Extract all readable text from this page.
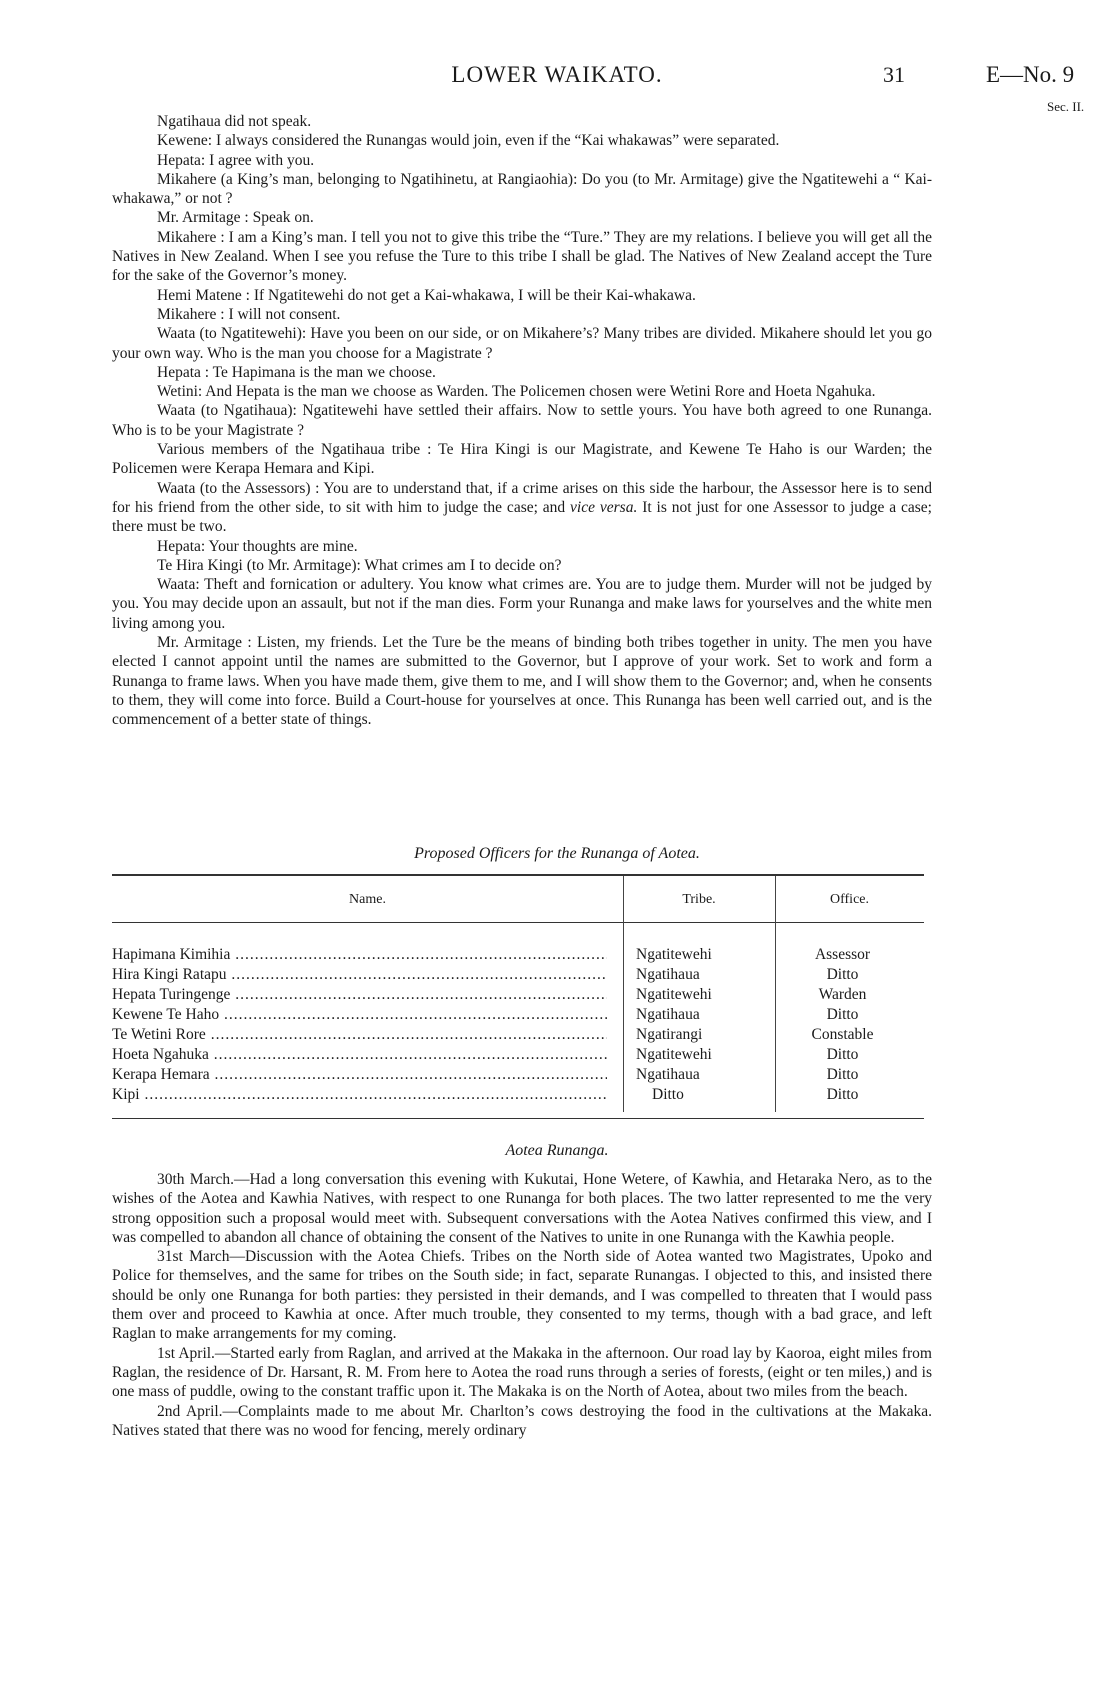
LOWER WAIKATO.	31	E—No. 9
Sec. II.

Ngatihaua did not speak.

Kewene: I always considered the Runangas would join, even if the “Kai whakawas” were separated.

Hepata: I agree with you.

Mikahere (a King’s man, belonging to Ngatihinetu, at Rangiaohia): Do you (to Mr. Armitage) give the Ngatitewehi a “ Kai-whakawa,” or not ?

Mr. Armitage : Speak on.

Mikahere : I am a King’s man. I tell you not to give this tribe the “Ture.” They are my relations. I believe you will get all the Natives in New Zealand. When I see you refuse the Ture to this tribe I shall be glad. The Natives of New Zealand accept the Ture for the sake of the Governor’s money.

Hemi Matene : If Ngatitewehi do not get a Kai-whakawa, I will be their Kai-whakawa.

Mikahere : I will not consent.

Waata (to Ngatitewehi): Have you been on our side, or on Mikahere’s? Many tribes are divided. Mikahere should let you go your own way. Who is the man you choose for a Magistrate ?

Hepata : Te Hapimana is the man we choose.

Wetini: And Hepata is the man we choose as Warden. The Policemen chosen were Wetini Rore and Hoeta Ngahuka.

Waata (to Ngatihaua): Ngatitewehi have settled their affairs. Now to settle yours. You have both agreed to one Runanga. Who is to be your Magistrate ?

Various members of the Ngatihaua tribe : Te Hira Kingi is our Magistrate, and Kewene Te Haho is our Warden; the Policemen were Kerapa Hemara and Kipi.

Waata (to the Assessors) : You are to understand that, if a crime arises on this side the harbour, the Assessor here is to send for his friend from the other side, to sit with him to judge the case; and vice versa. It is not just for one Assessor to judge a case; there must be two.

Hepata: Your thoughts are mine.

Te Hira Kingi (to Mr. Armitage): What crimes am I to decide on?

Waata: Theft and fornication or adultery. You know what crimes are. You are to judge them. Murder will not be judged by you. You may decide upon an assault, but not if the man dies. Form your Runanga and make laws for yourselves and the white men living among you.

Mr. Armitage : Listen, my friends. Let the Ture be the means of binding both tribes together in unity. The men you have elected I cannot appoint until the names are submitted to the Governor, but I approve of your work. Set to work and form a Runanga to frame laws. When you have made them, give them to me, and I will show them to the Governor; and, when he consents to them, they will come into force. Build a Court-house for yourselves at once. This Runanga has been well carried out, and is the commencement of a better state of things.

Proposed Officers for the Runanga of Aotea.
Name.	Tribe.	Office.
Hapimana Kimihia .....	Ngatitewehi	Assessor
Hira Kingi Ratapu .....	Ngatihaua	Ditto
Hepata Turingenge .....	Ngatitewehi	Warden
Kewene Te Haho .....	Ngatihaua	Ditto
Te Wetini Rore .....	Ngatirangi	Constable
Hoeta Ngahuka .....	Ngatitewehi	Ditto
Kerapa Hemara .....	Ngatihaua	Ditto
Kipi .....	Ditto	Ditto
Aotea Runanga.

30th March.—Had a long conversation this evening with Kukutai, Hone Wetere, of Kawhia, and Hetaraka Nero, as to the wishes of the Aotea and Kawhia Natives, with respect to one Runanga for both places. The two latter represented to me the very strong opposition such a proposal would meet with. Subsequent conversations with the Aotea Natives confirmed this view, and I was compelled to abandon all chance of obtaining the consent of the Natives to unite in one Runanga with the Kawhia people.

31st March—Discussion with the Aotea Chiefs. Tribes on the North side of Aotea wanted two Magistrates, Upoko and Police for themselves, and the same for tribes on the South side; in fact, separate Runangas. I objected to this, and insisted there should be only one Runanga for both parties: they persisted in their demands, and I was compelled to threaten that I would pass them over and proceed to Kawhia at once. After much trouble, they consented to my terms, though with a bad grace, and left Raglan to make arrangements for my coming.

1st April.—Started early from Raglan, and arrived at the Makaka in the afternoon. Our road lay by Kaoroa, eight miles from Raglan, the residence of Dr. Harsant, R. M. From here to Aotea the road runs through a series of forests, (eight or ten miles,) and is one mass of puddle, owing to the constant traffic upon it. The Makaka is on the North of Aotea, about two miles from the beach.

2nd April.—Complaints made to me about Mr. Charlton’s cows destroying the food in the cultivations at the Makaka. Natives stated that there was no wood for fencing, merely ordinary
